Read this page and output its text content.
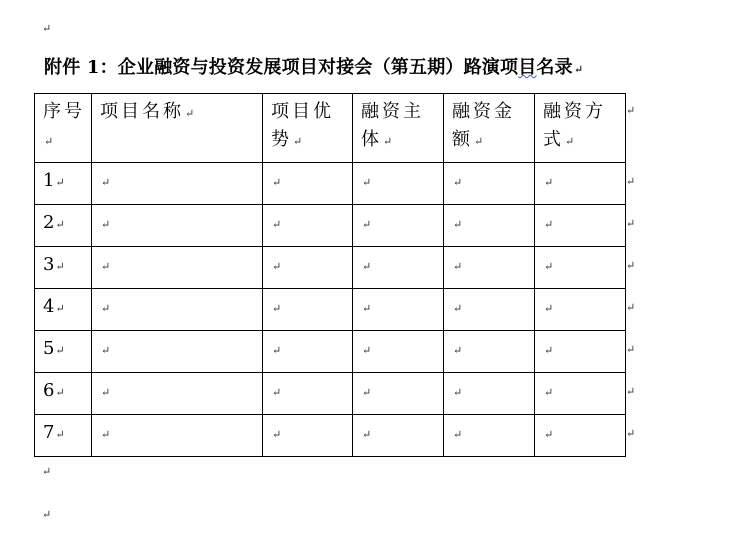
↵
附件 1：企业融资与投资发展项目对接会（第五期）路演项目名录↵
序号↵	项目名称↵	项目优势↵	融资主体↵	融资金额↵	融资方式↵

1↵	↵	↵	↵	↵	↵

2↵	↵	↵	↵	↵	↵

3↵	↵	↵	↵	↵	↵

4↵	↵	↵	↵	↵	↵

5↵	↵	↵	↵	↵	↵

6↵	↵	↵	↵	↵	↵

7↵	↵	↵	↵	↵	↵
↵
↵
↵
↵
↵
↵
↵
↵
↵
↵
